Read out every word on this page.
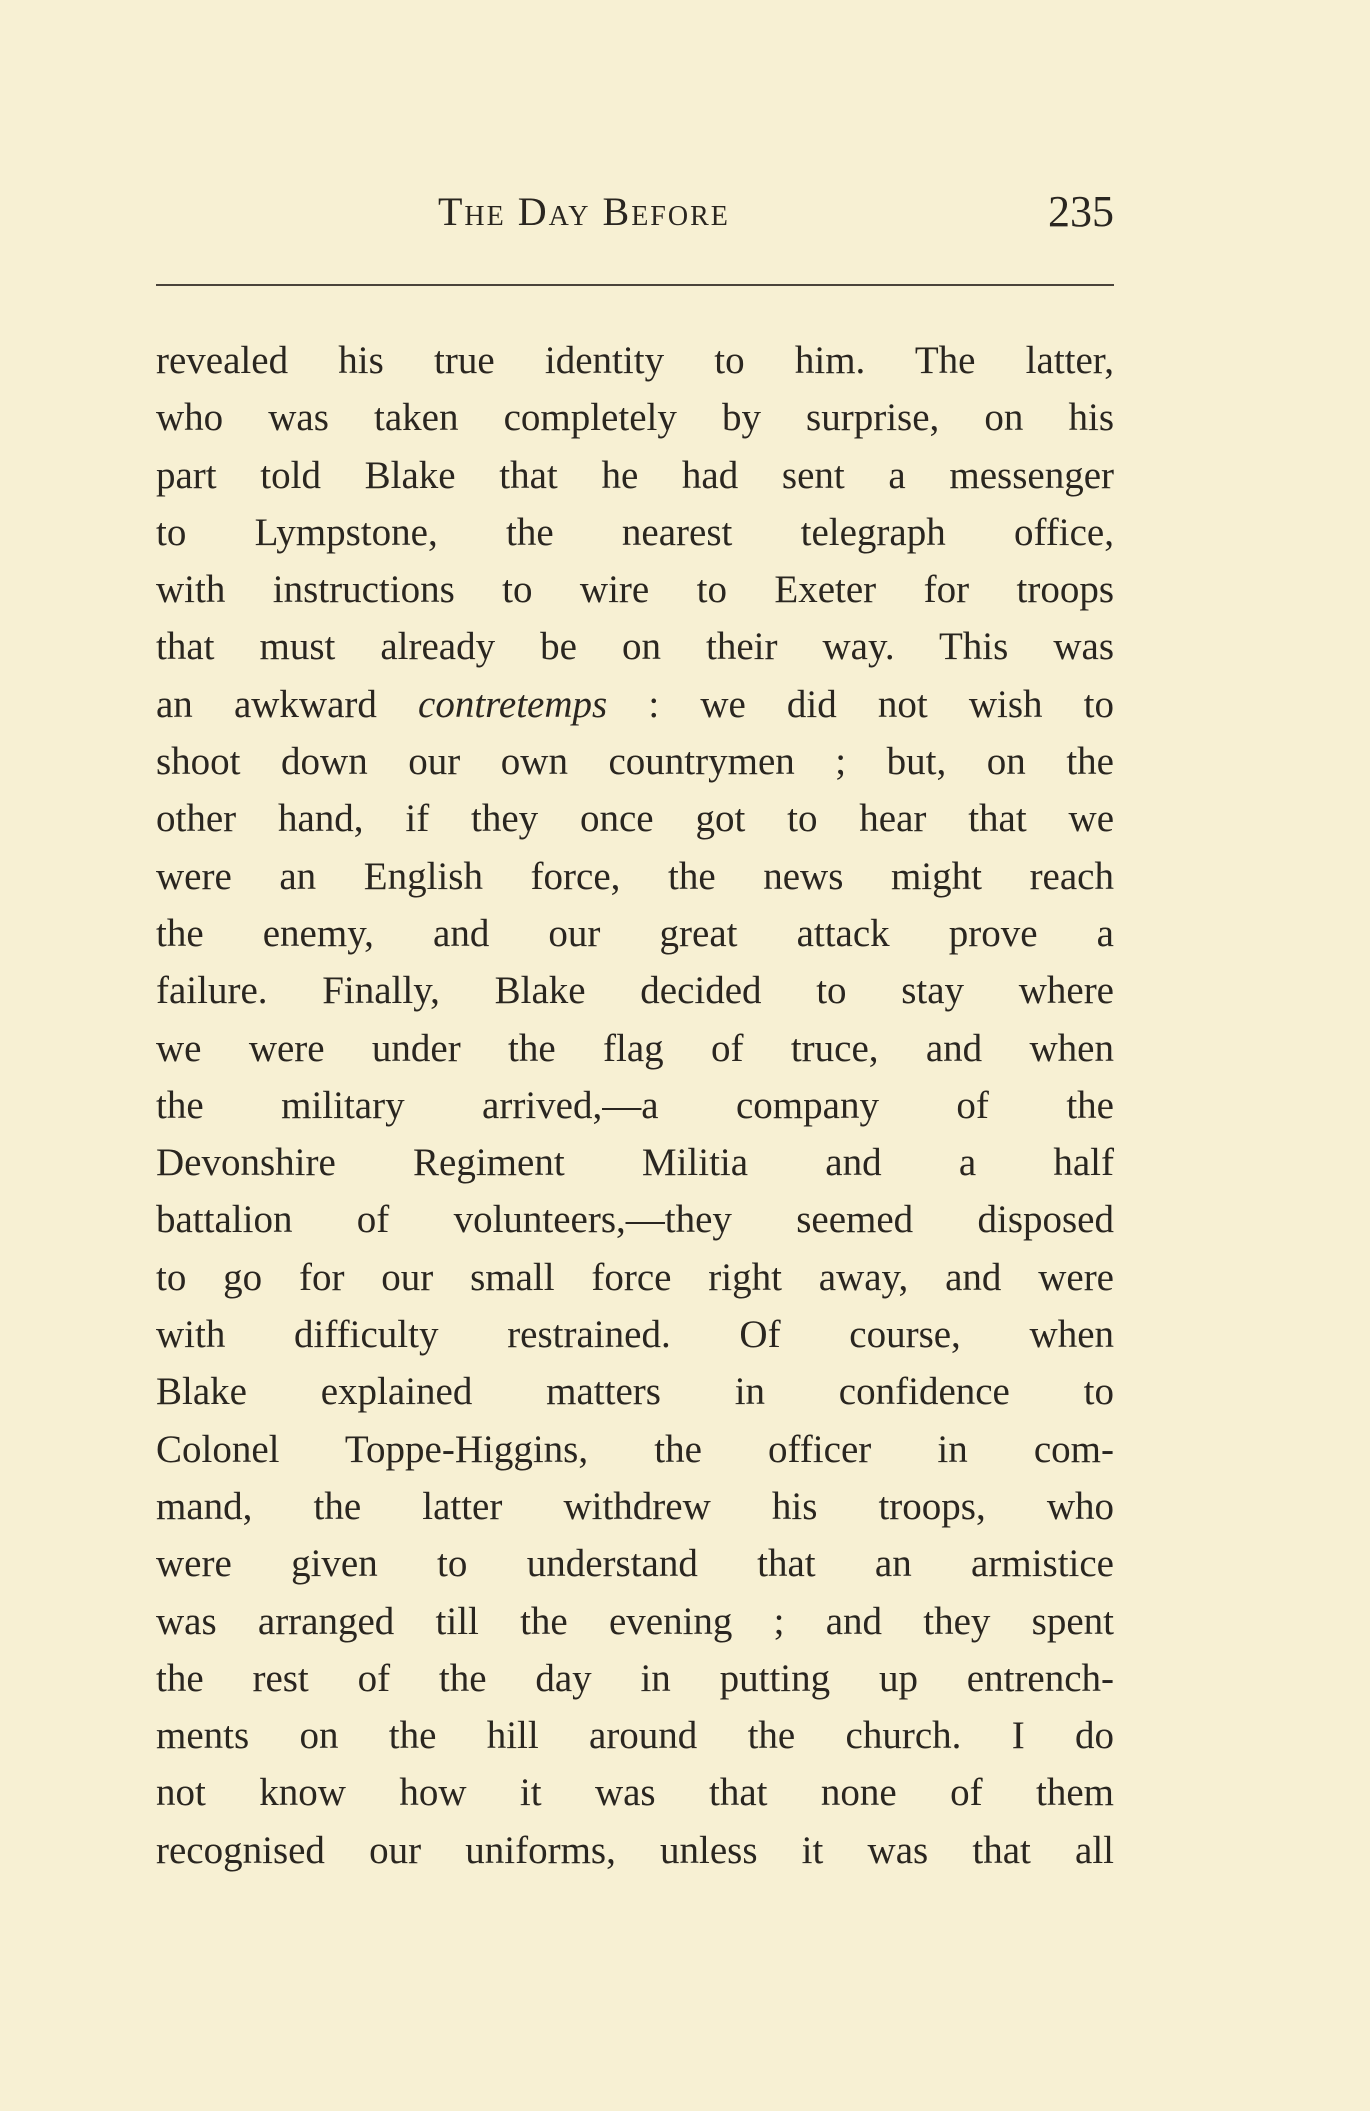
The Day Before	235
revealed his true identity to him. The latter,
who was taken completely by surprise, on his
part told Blake that he had sent a messenger
to Lympstone, the nearest telegraph office,
with instructions to wire to Exeter for troops
that must already be on their way. This was
an awkward contretemps : we did not wish to
shoot down our own countrymen ; but, on the
other hand, if they once got to hear that we
were an English force, the news might reach
the enemy, and our great attack prove a
failure. Finally, Blake decided to stay where
we were under the flag of truce, and when
the military arrived,—a company of the
Devonshire Regiment Militia and a half
battalion of volunteers,—they seemed disposed
to go for our small force right away, and were
with difficulty restrained. Of course, when
Blake explained matters in confidence to
Colonel Toppe-Higgins, the officer in com-
mand, the latter withdrew his troops, who
were given to understand that an armistice
was arranged till the evening ; and they spent
the rest of the day in putting up entrench-
ments on the hill around the church. I do
not know how it was that none of them
recognised our uniforms, unless it was that all
